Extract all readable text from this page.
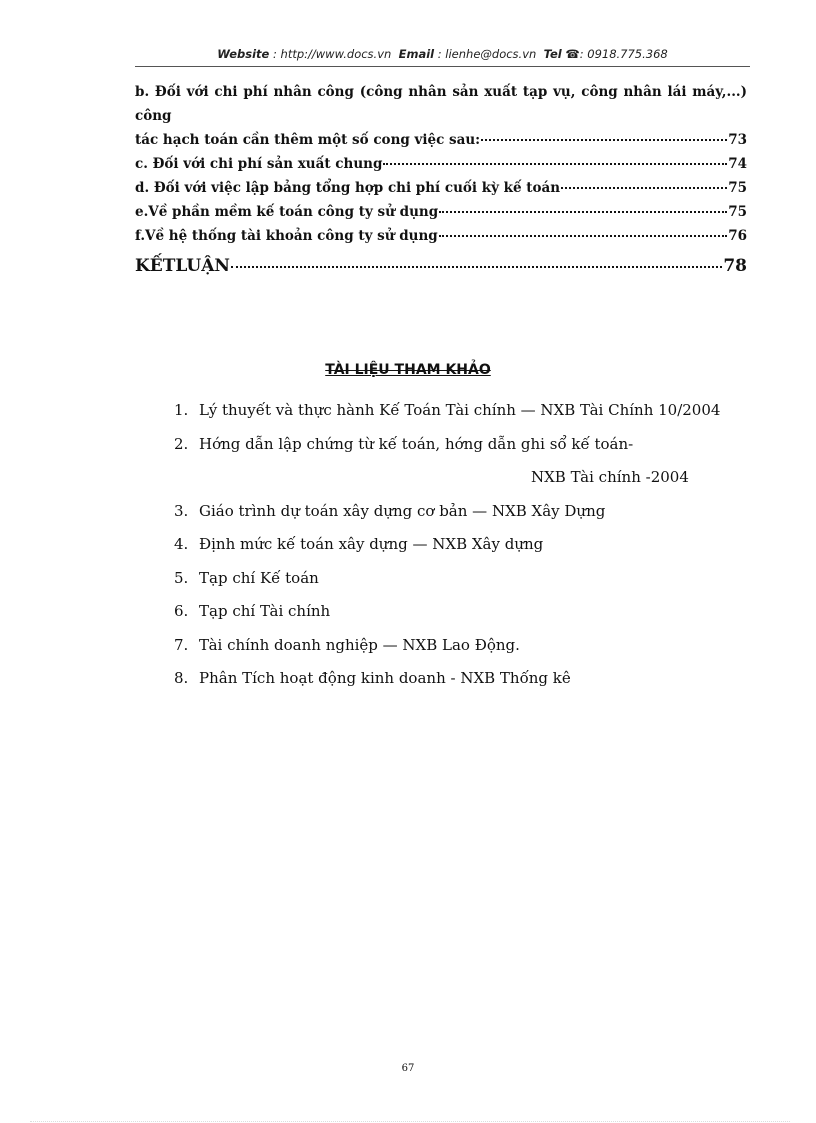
Website : http://www.docs.vn Email : lienhe@docs.vn Tel ☎: 0918.775.368
b. Đối với chi phí nhân công (công nhân sản xuất tạp vụ, công nhân lái máy,...) công
tác hạch toán cần thêm một số cong việc sau:	73
c. Đối với chi phí sản xuất chung	74
d. Đối với việc lập bảng tổng hợp chi phí cuối kỳ kế toán	75
e.Về phần mềm kế toán công ty sử dụng	75
f.Về hệ thống tài khoản công ty sử dụng	76
KẾTLUẬN	78
TÀI LIỆU THAM KHẢO
1. Lý thuyết và thực hành Kế Toán Tài chính — NXB Tài Chính 10/2004
2. Hớng dẫn lập chứng từ kế toán, hớng dẫn ghi sổ kế toán-
NXB Tài chính -2004
3. Giáo trình dự toán xây dựng cơ bản — NXB Xây Dựng
4. Định mức kế toán xây dựng — NXB Xây dựng
5. Tạp chí Kế toán
6. Tạp chí Tài chính
7. Tài chính doanh nghiệp — NXB Lao Động.
8. Phân Tích hoạt động kinh doanh - NXB Thống kê
67
